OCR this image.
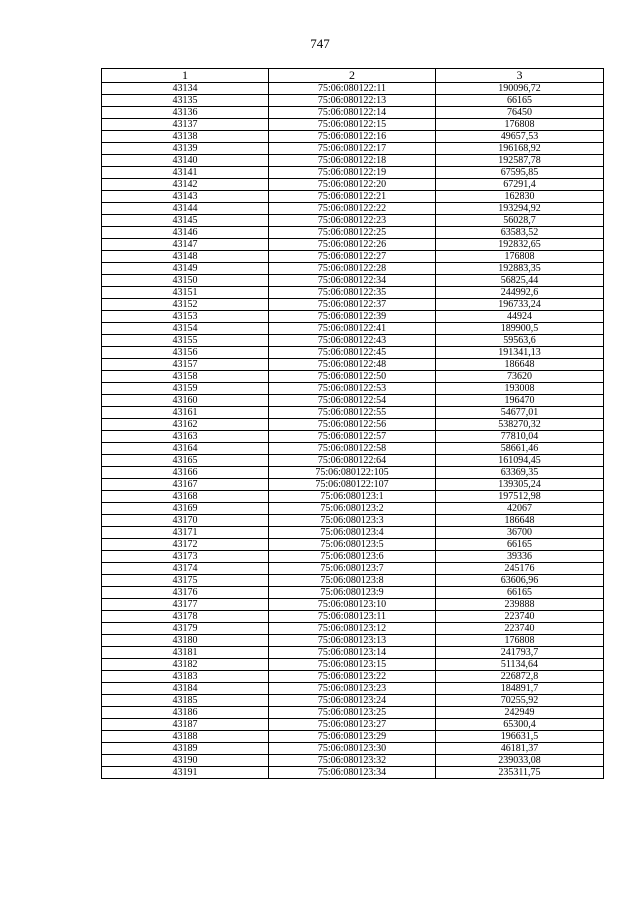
747
1	2	3
43134	75:06:080122:11	190096,72
43135	75:06:080122:13	66165
43136	75:06:080122:14	76450
43137	75:06:080122:15	176808
43138	75:06:080122:16	49657,53
43139	75:06:080122:17	196168,92
43140	75:06:080122:18	192587,78
43141	75:06:080122:19	67595,85
43142	75:06:080122:20	67291,4
43143	75:06:080122:21	162830
43144	75:06:080122:22	193294,92
43145	75:06:080122:23	56028,7
43146	75:06:080122:25	63583,52
43147	75:06:080122:26	192832,65
43148	75:06:080122:27	176808
43149	75:06:080122:28	192883,35
43150	75:06:080122:34	56825,44
43151	75:06:080122:35	244992,6
43152	75:06:080122:37	196733,24
43153	75:06:080122:39	44924
43154	75:06:080122:41	189900,5
43155	75:06:080122:43	59563,6
43156	75:06:080122:45	191341,13
43157	75:06:080122:48	186648
43158	75:06:080122:50	73620
43159	75:06:080122:53	193008
43160	75:06:080122:54	196470
43161	75:06:080122:55	54677,01
43162	75:06:080122:56	538270,32
43163	75:06:080122:57	77810,04
43164	75:06:080122:58	58661,46
43165	75:06:080122:64	161094,45
43166	75:06:080122:105	63369,35
43167	75:06:080122:107	139305,24
43168	75:06:080123:1	197512,98
43169	75:06:080123:2	42067
43170	75:06:080123:3	186648
43171	75:06:080123:4	36700
43172	75:06:080123:5	66165
43173	75:06:080123:6	39336
43174	75:06:080123:7	245176
43175	75:06:080123:8	63606,96
43176	75:06:080123:9	66165
43177	75:06:080123:10	239888
43178	75:06:080123:11	223740
43179	75:06:080123:12	223740
43180	75:06:080123:13	176808
43181	75:06:080123:14	241793,7
43182	75:06:080123:15	51134,64
43183	75:06:080123:22	226872,8
43184	75:06:080123:23	184891,7
43185	75:06:080123:24	70255,92
43186	75:06:080123:25	242949
43187	75:06:080123:27	65300,4
43188	75:06:080123:29	196631,5
43189	75:06:080123:30	46181,37
43190	75:06:080123:32	239033,08
43191	75:06:080123:34	235311,75
